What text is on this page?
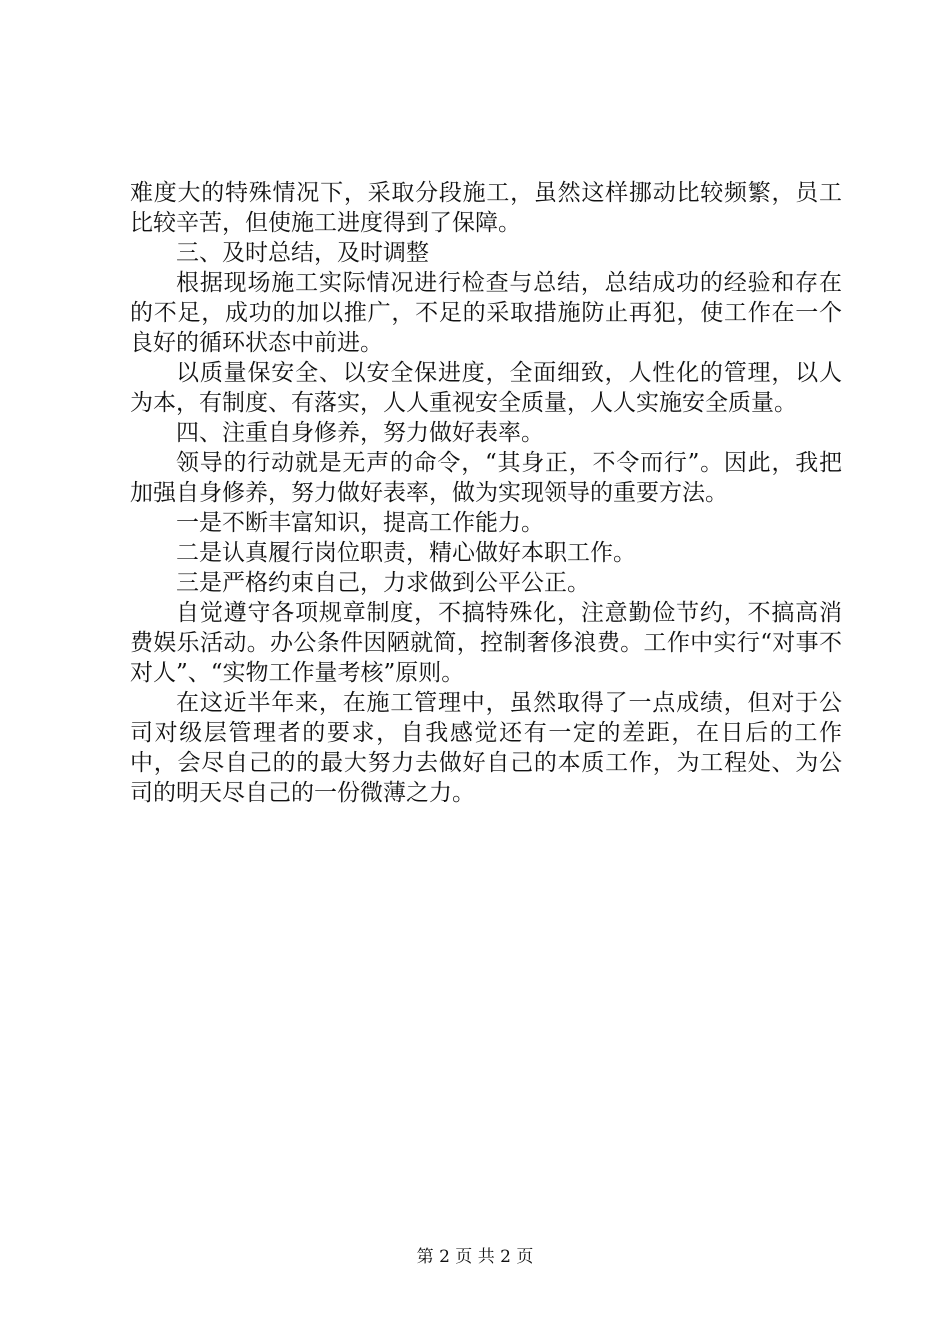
难度大的特殊情况下，采取分段施工，虽然这样挪动比较频繁，员工比较辛苦，但使施工进度得到了保障。

三、及时总结，及时调整

根据现场施工实际情况进行检查与总结，总结成功的经验和存在的不足，成功的加以推广，不足的采取措施防止再犯，使工作在一个良好的循环状态中前进。

以质量保安全、以安全保进度，全面细致，人性化的管理，以人为本，有制度、有落实，人人重视安全质量，人人实施安全质量。

四、注重自身修养，努力做好表率。

领导的行动就是无声的命令，“其身正，不令而行”。因此，我把加强自身修养，努力做好表率，做为实现领导的重要方法。

一是不断丰富知识，提高工作能力。

二是认真履行岗位职责，精心做好本职工作。

三是严格约束自己，力求做到公平公正。

自觉遵守各项规章制度，不搞特殊化，注意勤俭节约，不搞高消费娱乐活动。办公条件因陋就简，控制奢侈浪费。工作中实行“对事不对人”、“实物工作量考核”原则。

在这近半年来，在施工管理中，虽然取得了一点成绩，但对于公司对级层管理者的要求，自我感觉还有一定的差距，在日后的工作中，会尽自己的的最大努力去做好自己的本质工作，为工程处、为公司的明天尽自己的一份微薄之力。

第 2 页 共 2 页
